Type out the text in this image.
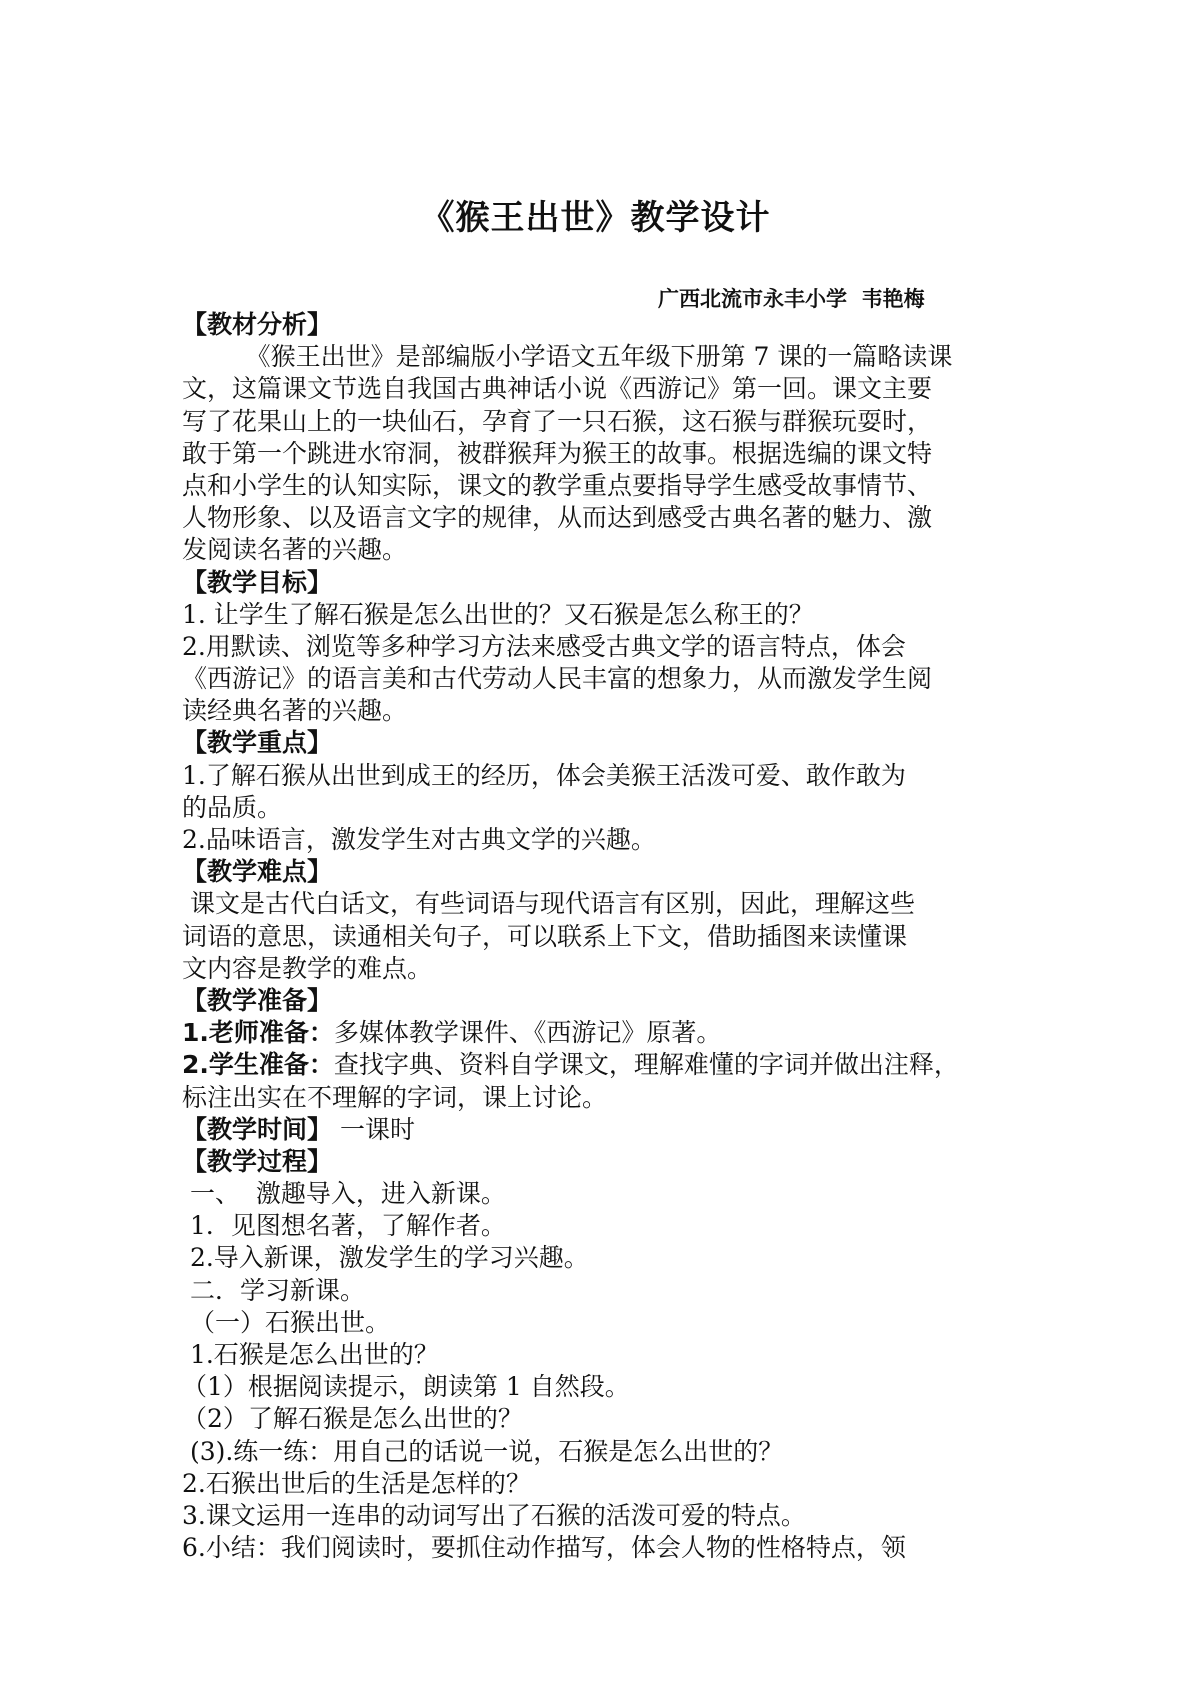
《猴王出世》教学设计
广西北流市永丰小学  韦艳梅
【教材分析】
《猴王出世》是部编版小学语文五年级下册第 7 课的一篇略读课
文，这篇课文节选自我国古典神话小说《西游记》第一回。课文主要
写了花果山上的一块仙石，孕育了一只石猴，这石猴与群猴玩耍时，
敢于第一个跳进水帘洞，被群猴拜为猴王的故事。根据选编的课文特
点和小学生的认知实际，课文的教学重点要指导学生感受故事情节、
人物形象、以及语言文字的规律，从而达到感受古典名著的魅力、激
发阅读名著的兴趣。
【教学目标】
1. 让学生了解石猴是怎么出世的？又石猴是怎么称王的？
2.用默读、浏览等多种学习方法来感受古典文学的语言特点，体会
《西游记》的语言美和古代劳动人民丰富的想象力，从而激发学生阅
读经典名著的兴趣。
【教学重点】
1.了解石猴从出世到成王的经历，体会美猴王活泼可爱、敢作敢为
的品质。
2.品味语言，激发学生对古典文学的兴趣。
【教学难点】
课文是古代白话文，有些词语与现代语言有区别，因此，理解这些
词语的意思，读通相关句子，可以联系上下文，借助插图来读懂课
文内容是教学的难点。
【教学准备】
1.老师准备：多媒体教学课件、《西游记》原著。
2.学生准备：查找字典、资料自学课文，理解难懂的字词并做出注释，
标注出实在不理解的字词，课上讨论。
【教学时间】 一课时
【教学过程】
一、  激趣导入，进入新课。
1．见图想名著，了解作者。
2.导入新课，激发学生的学习兴趣。
二．学习新课。
（一）石猴出世。
1.石猴是怎么出世的？
（1）根据阅读提示，朗读第 1 自然段。
（2）了解石猴是怎么出世的？
(3).练一练：用自己的话说一说，石猴是怎么出世的？
2.石猴出世后的生活是怎样的？
3.课文运用一连串的动词写出了石猴的活泼可爱的特点。
6.小结：我们阅读时，要抓住动作描写，体会人物的性格特点，领
